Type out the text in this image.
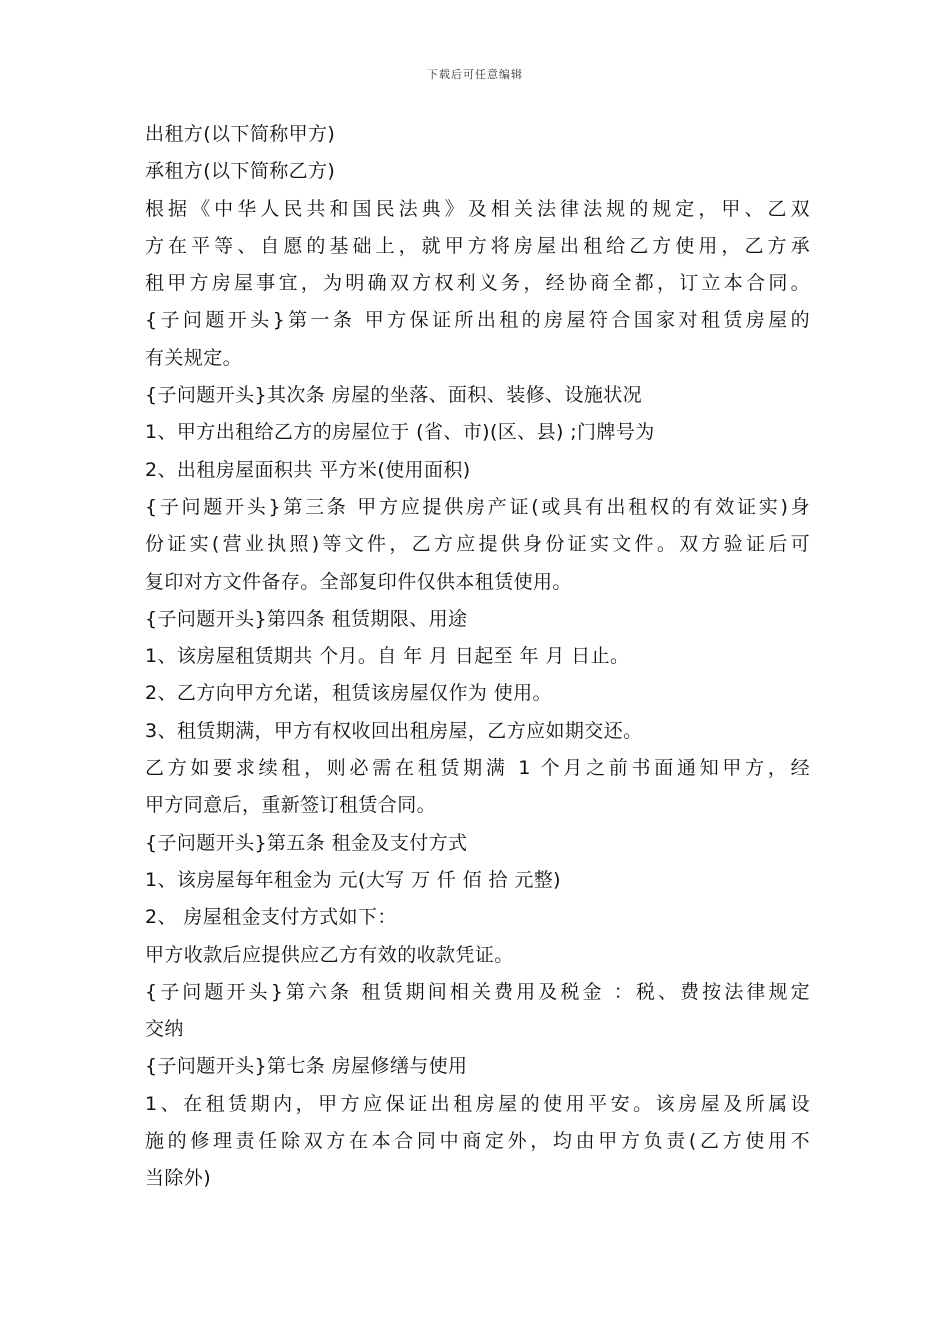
下载后可任意编辑
出租方(以下简称甲方)
承租方(以下简称乙方)
根据《中华人民共和国民法典》及相关法律法规的规定，甲、乙双
方在平等、自愿的基础上，就甲方将房屋出租给乙方使用，乙方承
租甲方房屋事宜，为明确双方权利义务，经协商全都，订立本合同。
{子问题开头}第一条 甲方保证所出租的房屋符合国家对租赁房屋的
有关规定。
{子问题开头}其次条 房屋的坐落、面积、装修、设施状况
1、甲方出租给乙方的房屋位于 (省、市)(区、县) ;门牌号为
2、出租房屋面积共 平方米(使用面积)
{子问题开头}第三条 甲方应提供房产证(或具有出租权的有效证实)身
份证实(营业执照)等文件，乙方应提供身份证实文件。双方验证后可
复印对方文件备存。全部复印件仅供本租赁使用。
{子问题开头}第四条 租赁期限、用途
1、该房屋租赁期共 个月。自 年 月 日起至 年 月 日止。
2、乙方向甲方允诺，租赁该房屋仅作为 使用。
3、租赁期满，甲方有权收回出租房屋，乙方应如期交还。
乙方如要求续租，则必需在租赁期满 1 个月之前书面通知甲方，经
甲方同意后，重新签订租赁合同。
{子问题开头}第五条 租金及支付方式
1、该房屋每年租金为 元(大写 万 仟 佰 拾 元整)
2、 房屋租金支付方式如下：
甲方收款后应提供应乙方有效的收款凭证。
{子问题开头}第六条 租赁期间相关费用及税金 ：税、费按法律规定
交纳
{子问题开头}第七条 房屋修缮与使用
1、在租赁期内，甲方应保证出租房屋的使用平安。该房屋及所属设
施的修理责任除双方在本合同中商定外，均由甲方负责(乙方使用不
当除外)
